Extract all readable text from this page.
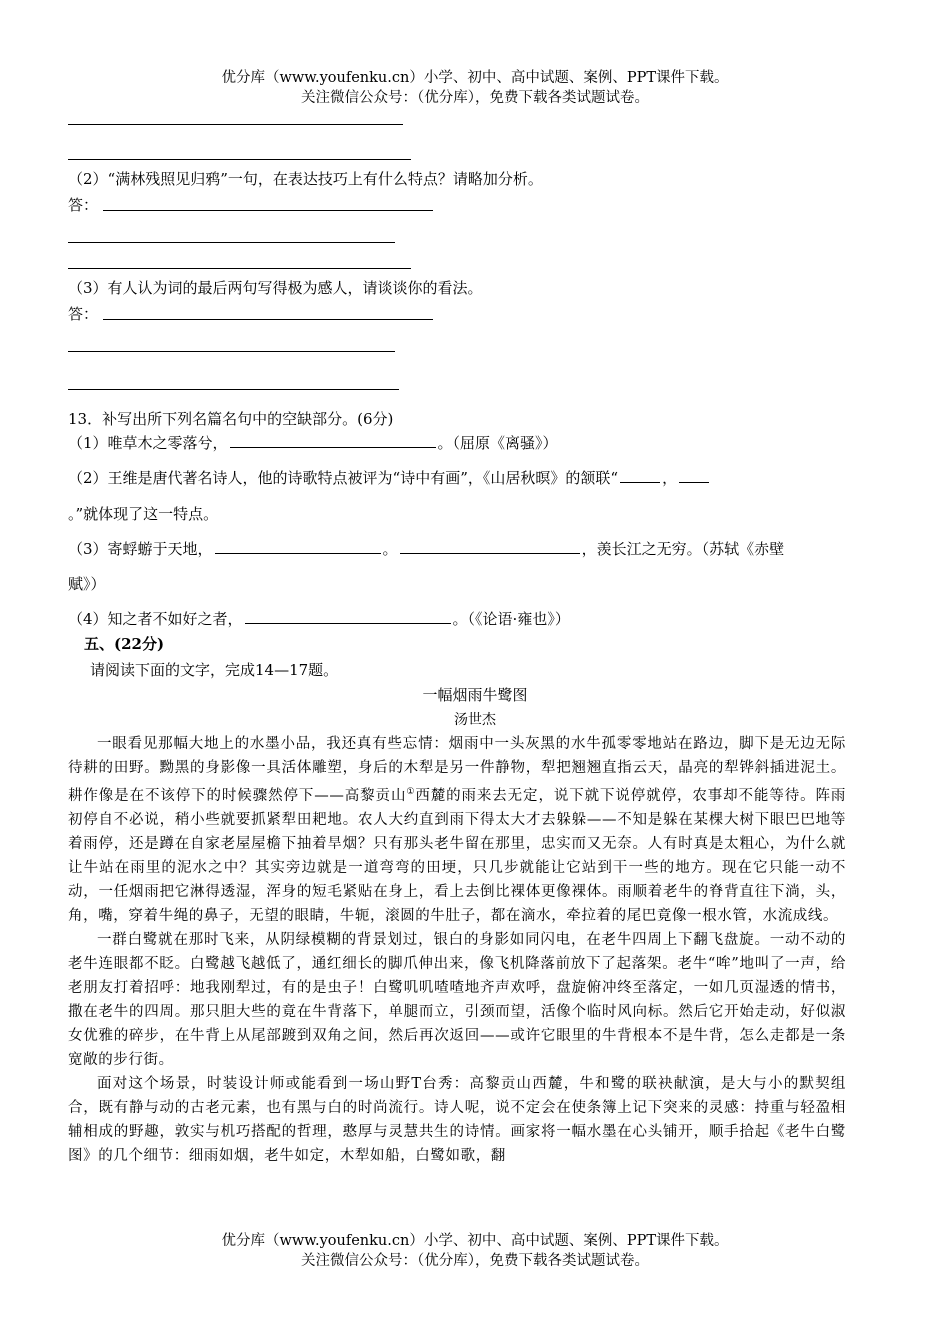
优分库（www.youfenku.cn）小学、初中、高中试题、案例、PPT课件下载。
关注微信公众号：（优分库），免费下载各类试题试卷。
（2）“满林残照见归鸦”一句，在表达技巧上有什么特点？请略加分析。
答：
（3）有人认为词的最后两句写得极为感人，请谈谈你的看法。
答：
13．补写出所下列名篇名句中的空缺部分。(6分)
（1）唯草木之零落兮，	。（屈原《离骚》）
（2）王维是唐代著名诗人，他的诗歌特点被评为“诗中有画”，《山居秋暝》的颔联“	，
。”就体现了这一特点。
（3）寄蜉蝣于天地，	。	，羡长江之无穷。（苏轼《赤壁
赋》）
（4）知之者不如好之者，	。（《论语·雍也》）
五、(22分)
请阅读下面的文字，完成14—17题。
一幅烟雨牛鹭图
汤世杰

一眼看见那幅大地上的水墨小品，我还真有些忘情：烟雨中一头灰黑的水牛孤零零地站在路边，脚下是无边无际待耕的田野。黝黑的身影像一具活体雕塑，身后的木犁是另一件静物，犁把翘翘直指云天，晶亮的犁铧斜插进泥土。耕作像是在不该停下的时候骤然停下——高黎贡山①西麓的雨来去无定，说下就下说停就停，农事却不能等待。阵雨初停自不必说，稍小些就要抓紧犁田耙地。农人大约直到雨下得太大才去躲躲——不知是躲在某棵大树下眼巴巴地等着雨停，还是蹲在自家老屋屋檐下抽着旱烟？只有那头老牛留在那里，忠实而又无奈。人有时真是太粗心，为什么就让牛站在雨里的泥水之中？其实旁边就是一道弯弯的田埂，只几步就能让它站到干一些的地方。现在它只能一动不动，一任烟雨把它淋得透湿，浑身的短毛紧贴在身上，看上去倒比裸体更像裸体。雨顺着老牛的脊背直往下淌，头，角，嘴，穿着牛绳的鼻子，无望的眼睛，牛轭，滚圆的牛肚子，都在滴水，牵拉着的尾巴竟像一根水管，水流成线。

一群白鹭就在那时飞来，从阴绿模糊的背景划过，银白的身影如同闪电，在老牛四周上下翻飞盘旋。一动不动的老牛连眼都不眨。白鹭越飞越低了，通红细长的脚爪伸出来，像飞机降落前放下了起落架。老牛“哞”地叫了一声，给老朋友打着招呼：地我刚犁过，有的是虫子！白鹭叽叽喳喳地齐声欢呼，盘旋俯冲终至落定，一如几页湿透的情书，撒在老牛的四周。那只胆大些的竟在牛背落下，单腿而立，引颈而望，活像个临时风向标。然后它开始走动，好似淑女优雅的碎步，在牛背上从尾部踱到双角之间，然后再次返回——或许它眼里的牛背根本不是牛背，怎么走都是一条宽敞的步行街。

面对这个场景，时装设计师或能看到一场山野T台秀：高黎贡山西麓，牛和鹭的联袂献演，是大与小的默契组合，既有静与动的古老元素，也有黑与白的时尚流行。诗人呢，说不定会在使条簿上记下突来的灵感：持重与轻盈相辅相成的野趣，敦实与机巧搭配的哲理，憨厚与灵慧共生的诗情。画家将一幅水墨在心头铺开，顺手拾起《老牛白鹭图》的几个细节：细雨如烟，老牛如定，木犁如船，白鹭如歌，翻

优分库（www.youfenku.cn）小学、初中、高中试题、案例、PPT课件下载。
关注微信公众号：（优分库），免费下载各类试题试卷。
